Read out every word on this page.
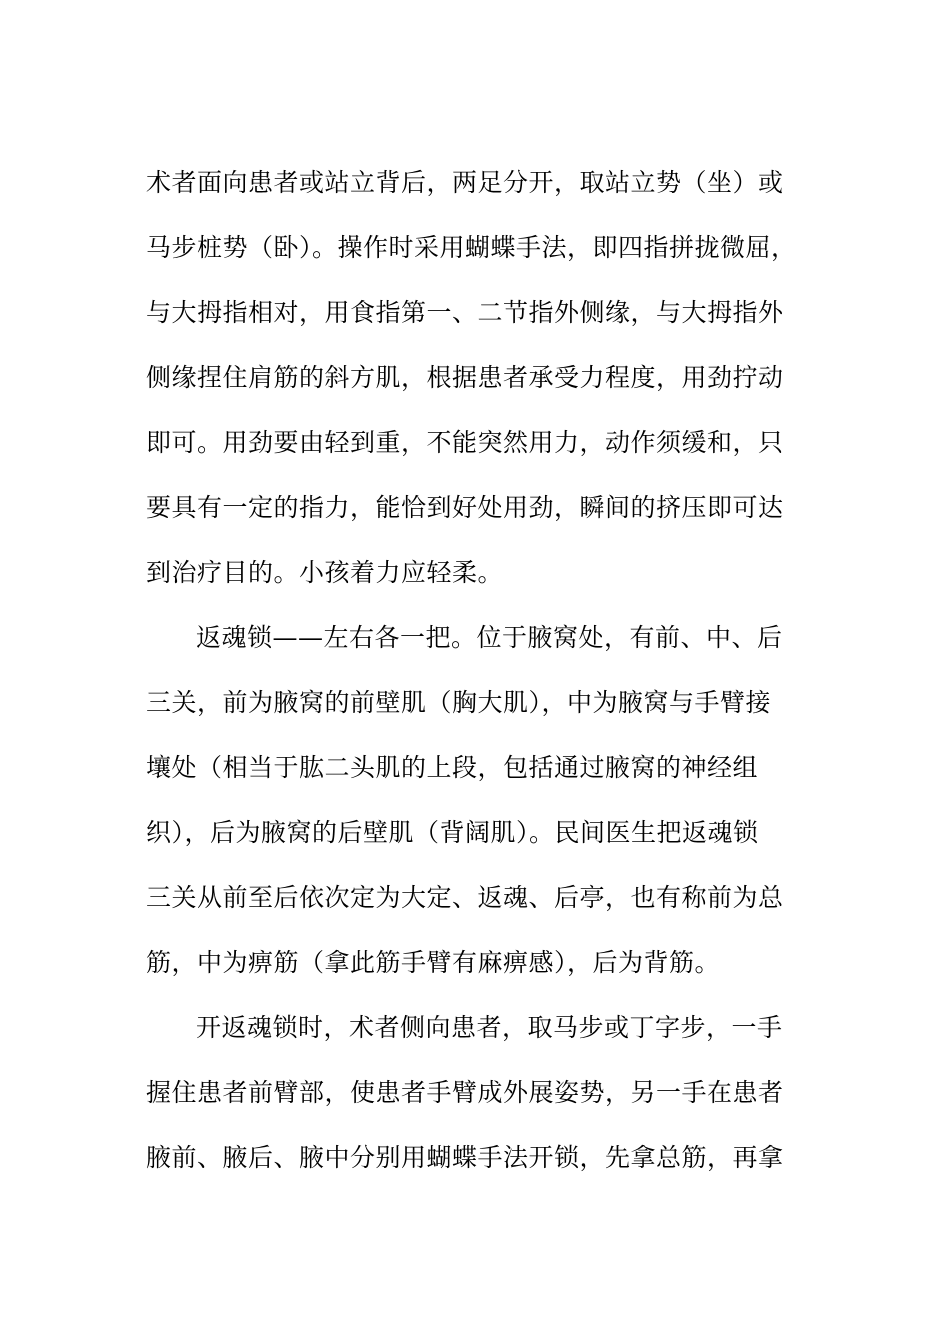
术者面向患者或站立背后，两足分开，取站立势（坐）或
马步桩势（卧）。操作时采用蝴蝶手法，即四指拼拢微屈，
与大拇指相对，用食指第一、二节指外侧缘，与大拇指外
侧缘捏住肩筋的斜方肌，根据患者承受力程度，用劲拧动
即可。用劲要由轻到重，不能突然用力，动作须缓和，只
要具有一定的指力，能恰到好处用劲，瞬间的挤压即可达
到治疗目的。小孩着力应轻柔。
返魂锁——左右各一把。位于腋窝处，有前、中、后
三关，前为腋窝的前壁肌（胸大肌），中为腋窝与手臂接
壤处（相当于肱二头肌的上段，包括通过腋窝的神经组
织），后为腋窝的后壁肌（背阔肌）。民间医生把返魂锁
三关从前至后依次定为大定、返魂、后亭，也有称前为总
筋，中为痹筋（拿此筋手臂有麻痹感），后为背筋。
开返魂锁时，术者侧向患者，取马步或丁字步，一手
握住患者前臂部，使患者手臂成外展姿势，另一手在患者
腋前、腋后、腋中分别用蝴蝶手法开锁，先拿总筋，再拿
